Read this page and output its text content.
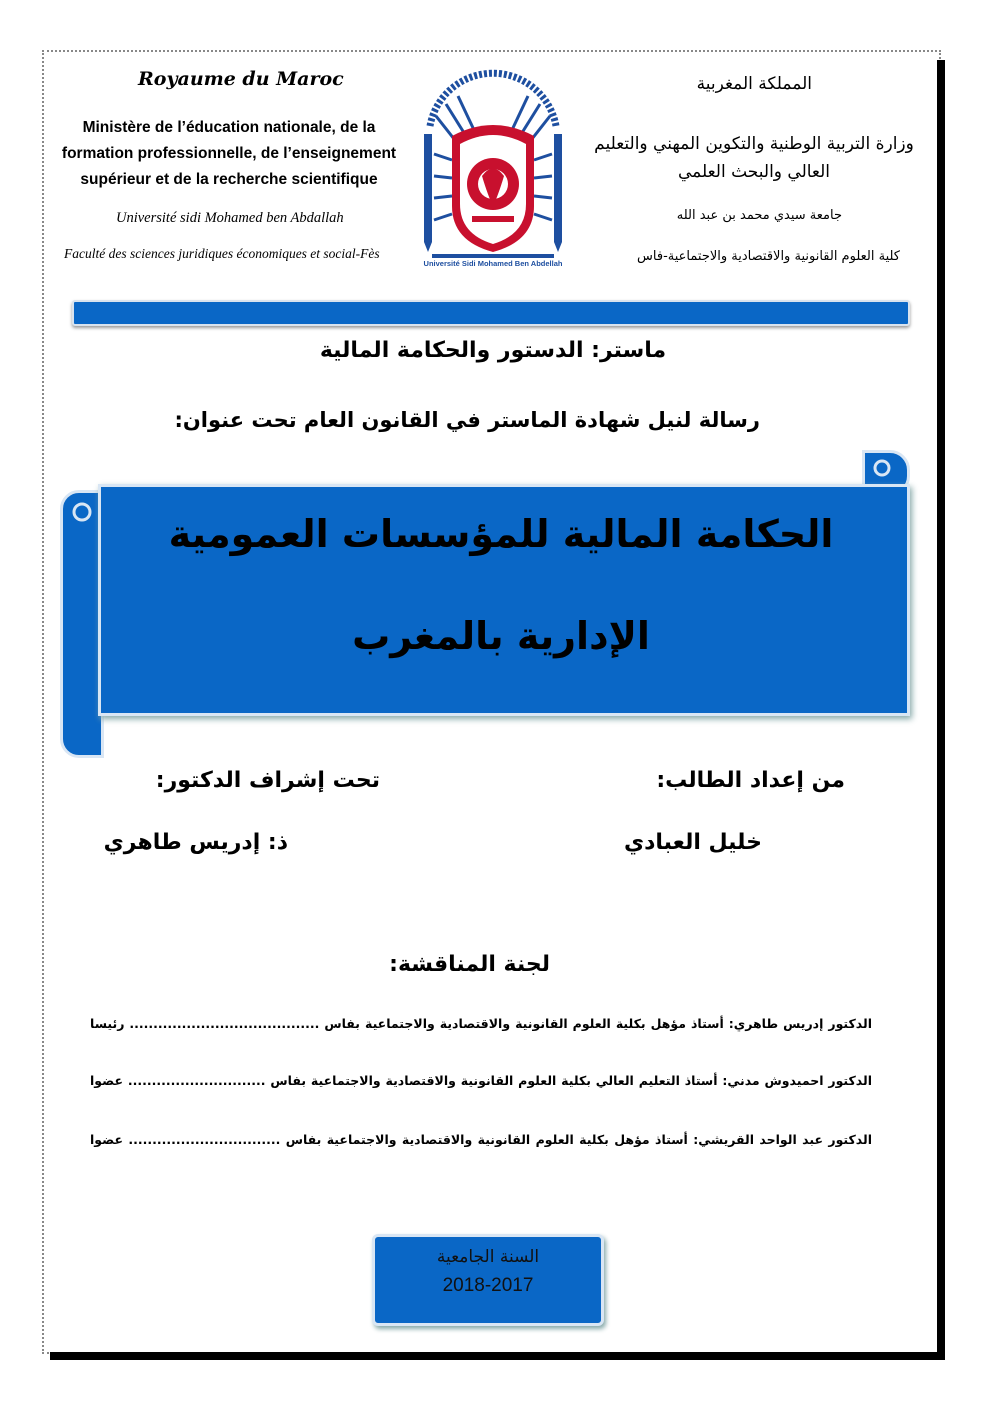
Royaume du Maroc
Ministère de l’éducation nationale, de la formation professionnelle, de l’enseignement supérieur et de la recherche scientifique
Université sidi Mohamed ben Abdallah
Faculté des sciences juridiques économiques et social-Fès
Université Sidi Mohamed Ben Abdellah
المملكة المغربية
وزارة التربية الوطنية والتكوين المهني والتعليم
العالي والبحث العلمي
جامعة سيدي محمد بن عبد الله
كلية العلوم القانونية والاقتصادية والاجتماعية-فاس
ماستر: الدستور والحكامة المالية
رسالة لنيل شهادة الماستر في القانون العام تحت عنوان:
الحكامة المالية للمؤسسات العمومية
الإدارية بالمغرب
من إعداد الطالب:
تحت إشراف الدكتور:
خليل العبادي
ذ: إدريس طاهري
لجنة المناقشة:
الدكتور إدريس طاهري: أستاذ مؤهل بكلية العلوم القانونية والاقتصادية والاجتماعية بفاس ........................................ رئيسا
الدكتور احميدوش مدني: أستاذ التعليم العالي بكلية العلوم القانونية والاقتصادية والاجتماعية بفاس ............................. عضوا
الدكتور عبد الواحد القريشي: أستاذ مؤهل بكلية العلوم القانونية والاقتصادية والاجتماعية بفاس ................................ عضوا
السنة الجامعية
2018-2017
